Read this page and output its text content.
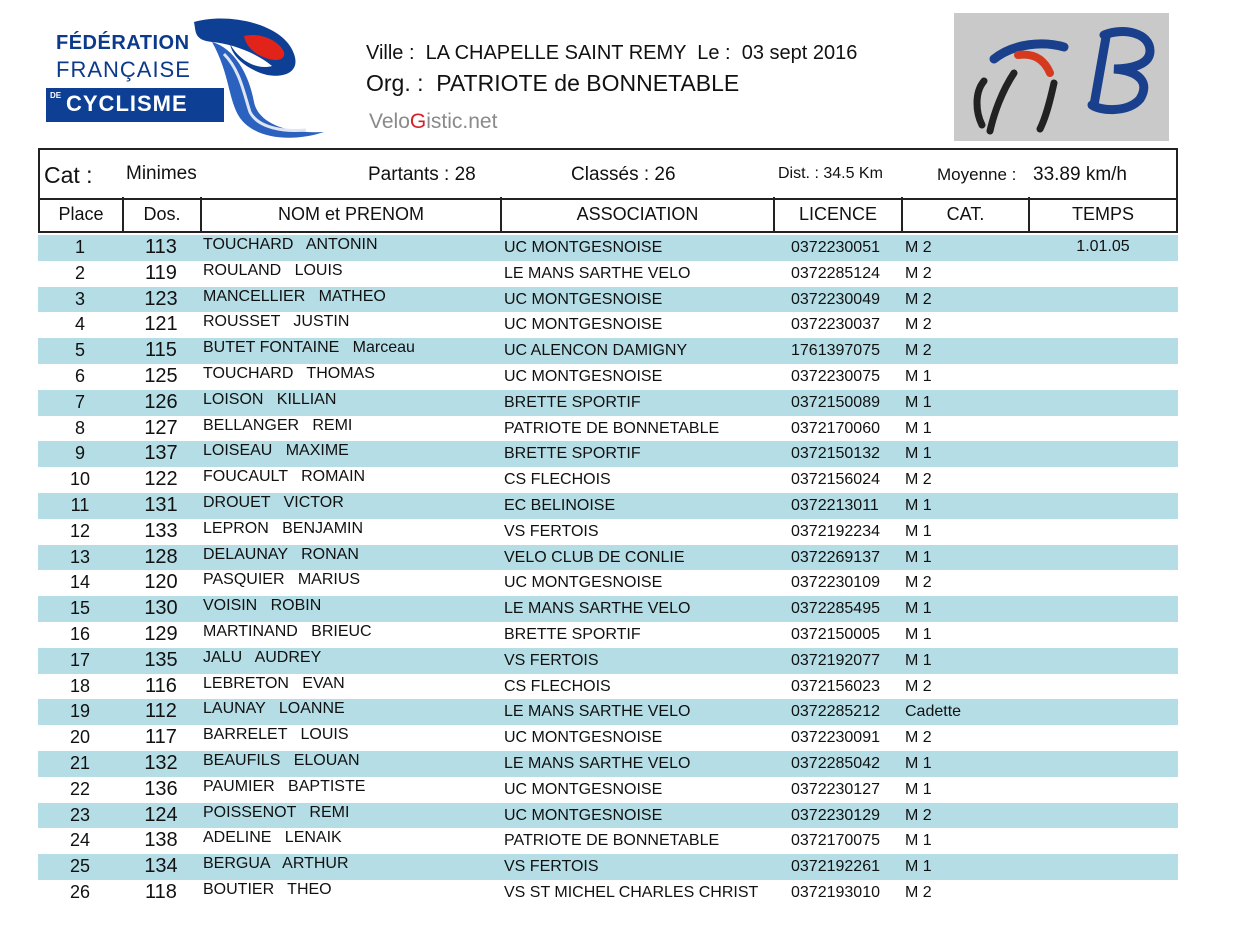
FÉDÉRATION
FRANÇAISE
DE CYCLISME
Ville :  LA CHAPELLE SAINT REMY  Le :  03 sept 2016
Org. :  PATRIOTE de BONNETABLE
VeloGistic.net
Cat : Minimes	Partants : 28	Classés : 26	Dist. : 34.5 Km	Moyenne : 33.89 km/h
Place	Dos.	NOM et PRENOM	ASSOCIATION	LICENCE	CAT.	TEMPS
1	113	TOUCHARD   ANTONIN	UC MONTGESNOISE	0372230051 M 2	1.01.05
2	119	ROULAND   LOUIS	LE MANS SARTHE VELO	0372285124 M 2
3	123	MANCELLIER   MATHEO	UC MONTGESNOISE	0372230049 M 2
4	121	ROUSSET   JUSTIN	UC MONTGESNOISE	0372230037 M 2
5	115	BUTET FONTAINE   Marceau	UC ALENCON DAMIGNY	1761397075 M 2
6	125	TOUCHARD   THOMAS	UC MONTGESNOISE	0372230075 M 1
7	126	LOISON   KILLIAN	BRETTE SPORTIF	0372150089 M 1
8	127	BELLANGER   REMI	PATRIOTE DE BONNETABLE	0372170060 M 1
9	137	LOISEAU   MAXIME	BRETTE SPORTIF	0372150132 M 1
10	122	FOUCAULT   ROMAIN	CS FLECHOIS	0372156024 M 2
11	131	DROUET   VICTOR	EC BELINOISE	0372213011 M 1
12	133	LEPRON   BENJAMIN	VS FERTOIS	0372192234 M 1
13	128	DELAUNAY   RONAN	VELO CLUB DE CONLIE	0372269137 M 1
14	120	PASQUIER   MARIUS	UC MONTGESNOISE	0372230109 M 2
15	130	VOISIN   ROBIN	LE MANS SARTHE VELO	0372285495 M 1
16	129	MARTINAND   BRIEUC	BRETTE SPORTIF	0372150005 M 1
17	135	JALU   AUDREY	VS FERTOIS	0372192077 M 1
18	116	LEBRETON   EVAN	CS FLECHOIS	0372156023 M 2
19	112	LAUNAY   LOANNE	LE MANS SARTHE VELO	0372285212 Cadette
20	117	BARRELET   LOUIS	UC MONTGESNOISE	0372230091 M 2
21	132	BEAUFILS   ELOUAN	LE MANS SARTHE VELO	0372285042 M 1
22	136	PAUMIER   BAPTISTE	UC MONTGESNOISE	0372230127 M 1
23	124	POISSENOT   REMI	UC MONTGESNOISE	0372230129 M 2
24	138	ADELINE   LENAIK	PATRIOTE DE BONNETABLE	0372170075 M 1
25	134	BERGUA   ARTHUR	VS FERTOIS	0372192261 M 1
26	118	BOUTIER   THEO	VS ST MICHEL CHARLES CHRIST 0372193010 M 2
